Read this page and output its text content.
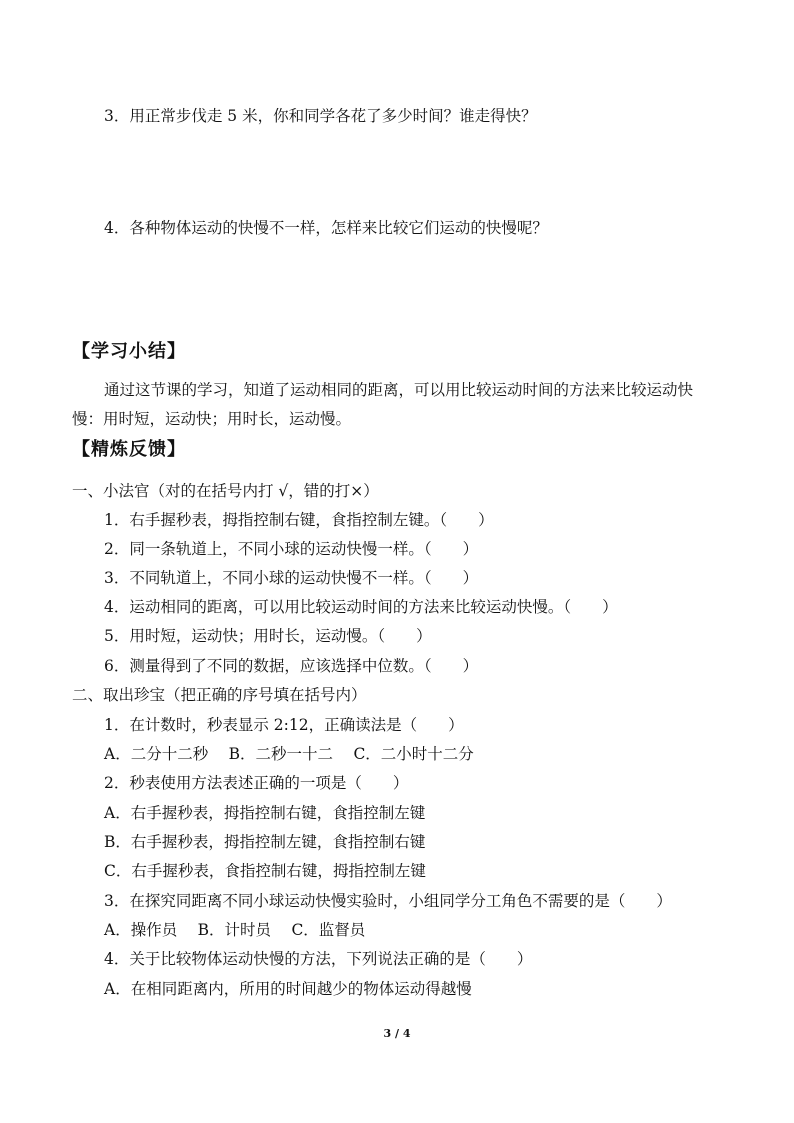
3．用正常步伐走 5 米，你和同学各花了多少时间？谁走得快？
4．各种物体运动的快慢不一样，怎样来比较它们运动的快慢呢？
【学习小结】
通过这节课的学习，知道了运动相同的距离，可以用比较运动时间的方法来比较运动快
慢：用时短，运动快；用时长，运动慢。
【精炼反馈】
一、小法官（对的在括号内打 √，错的打×）
1．右手握秒表，拇指控制右键，食指控制左键。（　　）
2．同一条轨道上，不同小球的运动快慢一样。（　　）
3．不同轨道上，不同小球的运动快慢不一样。（　　）
4．运动相同的距离，可以用比较运动时间的方法来比较运动快慢。（　　）
5．用时短，运动快；用时长，运动慢。（　　）
6．测量得到了不同的数据，应该选择中位数。（　　）
二、取出珍宝（把正确的序号填在括号内）
1．在计数时，秒表显示 2:12，正确读法是（　　）
A．二分十二秒　 B．二秒一十二　 C．二小时十二分
2．秒表使用方法表述正确的一项是（　　）
A．右手握秒表，拇指控制右键，食指控制左键
B．右手握秒表，拇指控制左键，食指控制右键
C．右手握秒表，食指控制右键，拇指控制左键
3．在探究同距离不同小球运动快慢实验时，小组同学分工角色不需要的是（　　）
A．操作员　 B．计时员　 C．监督员
4．关于比较物体运动快慢的方法，下列说法正确的是（　　）
A．在相同距离内，所用的时间越少的物体运动得越慢
3 / 4
